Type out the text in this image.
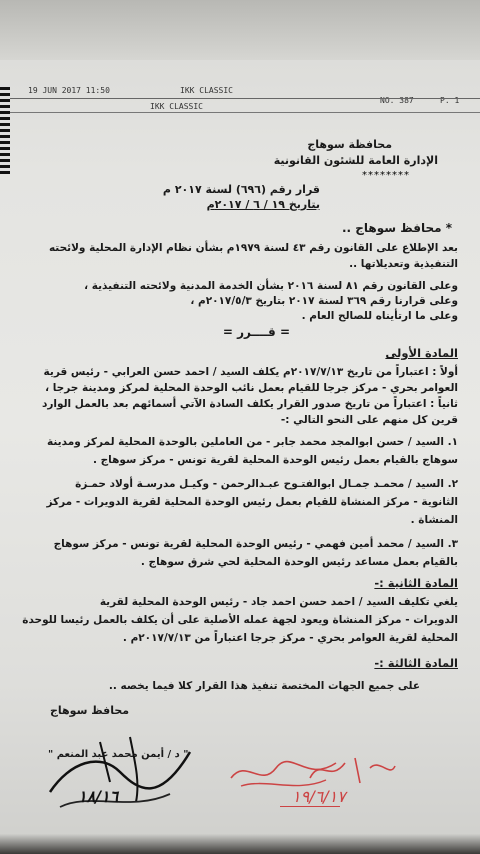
19 JUN 2017 11:50	IKK CLASSIC
NO. 387	P. 1
IKK CLASSIC
محافظة سوهاج
الإدارة العامة للشئون القانونية
********
قرار رقم (٦٩٦) لسنة ٢٠١٧ م
بتاريخ ١٩ / ٦ / ٢٠١٧م
* محافظ سوهاج ..
بعد الإطلاع على القانون رقم ٤٣ لسنة ١٩٧٩م بشأن نظام الإدارة المحلية ولائحته
التنفيذية وتعديلاتها ..
وعلى القانون رقم ٨١ لسنة ٢٠١٦ بشأن الخدمة المدنية ولائحته التنفيذية ،
وعلى قرارنا رقم ٣٦٩ لسنة ٢٠١٧ بتاريخ ٢٠١٧/٥/٣م ،
وعلى ما ارتأيناه للصالح العام .
= قــــرر =
المادة الأولى
أولاً : اعتباراً من تاريخ ٢٠١٧/٧/١٣م يكلف السيد / احمد حسن العرابي - رئيس قرية
العوامر بحري - مركز جرجا للقيام بعمل نائب الوحدة المحلية لمركز ومدينة جرجا ،
ثانياً : اعتباراً من تاريخ صدور القرار يكلف السادة الآتي أسمائهم بعد بالعمل الوارد
قرين كل منهم على النحو التالي :-
١. السيد / حسن ابوالمجد محمد جابر - من العاملين بالوحدة المحلية لمركز ومدينة
سوهاج بالقيام بعمل رئيس الوحدة المحلية لقرية تونس - مركز سوهاج .
٢. السيد / محمـد جمـال ابوالفتـوح عبـدالرحمن - وكيـل مدرسـة أولاد حمـزة
الثانوية - مركز المنشاة للقيام بعمل رئيس الوحدة المحلية لقرية الدويرات - مركز
المنشاة .
٣. السيد / محمد أمين فهمي - رئيس الوحدة المحلية لقرية تونس - مركز سوهاج
بالقيام بعمل مساعد رئيس الوحدة المحلية لحي شرق سوهاج .
المادة الثانية :-
يلغي تكليف السيد / احمد حسن احمد جاد - رئيس الوحدة المحلية لقرية
الدويرات - مركز المنشاة ويعود لجهة عمله الأصلية على أن يكلف بالعمل رئيسا للوحدة
المحلية لقرية العوامر بحري - مركز جرجا اعتباراً من ٢٠١٧/٧/١٣م .
المادة الثالثة :-
على جميع الجهات المختصة تنفيذ هذا القرار كلا فيما يخصه ..
محافظ سوهاج
" د / أيمن محمد عبد المنعم "
١٨/١٦	١٩/٦/١٧
